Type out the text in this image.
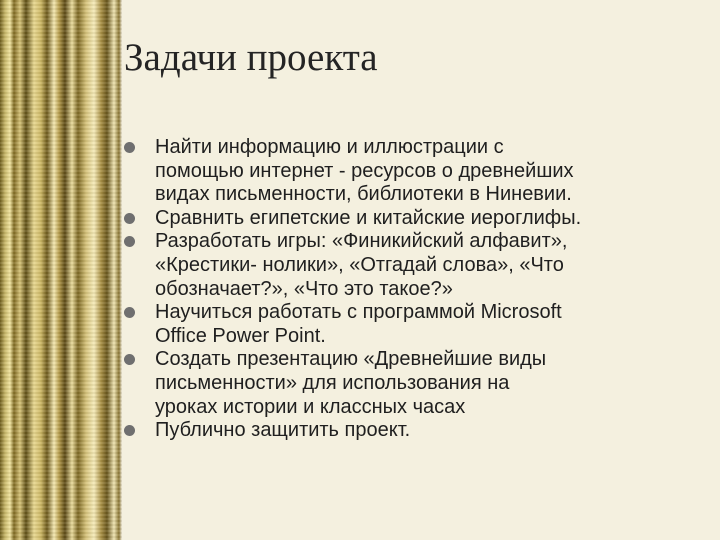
Задачи проекта
Найти информацию и иллюстрации с
помощью интернет - ресурсов о древнейших
видах письменности, библиотеки в Ниневии.
Сравнить египетские и китайские иероглифы.
Разработать игры: «Финикийский алфавит»,
«Крестики- нолики», «Отгадай слова», «Что
обозначает?», «Что это такое?»
Научиться работать с программой Microsoft
Office Power Point.
Создать презентацию «Древнейшие виды
письменности» для использования на
уроках истории и классных часах
Публично защитить проект.
